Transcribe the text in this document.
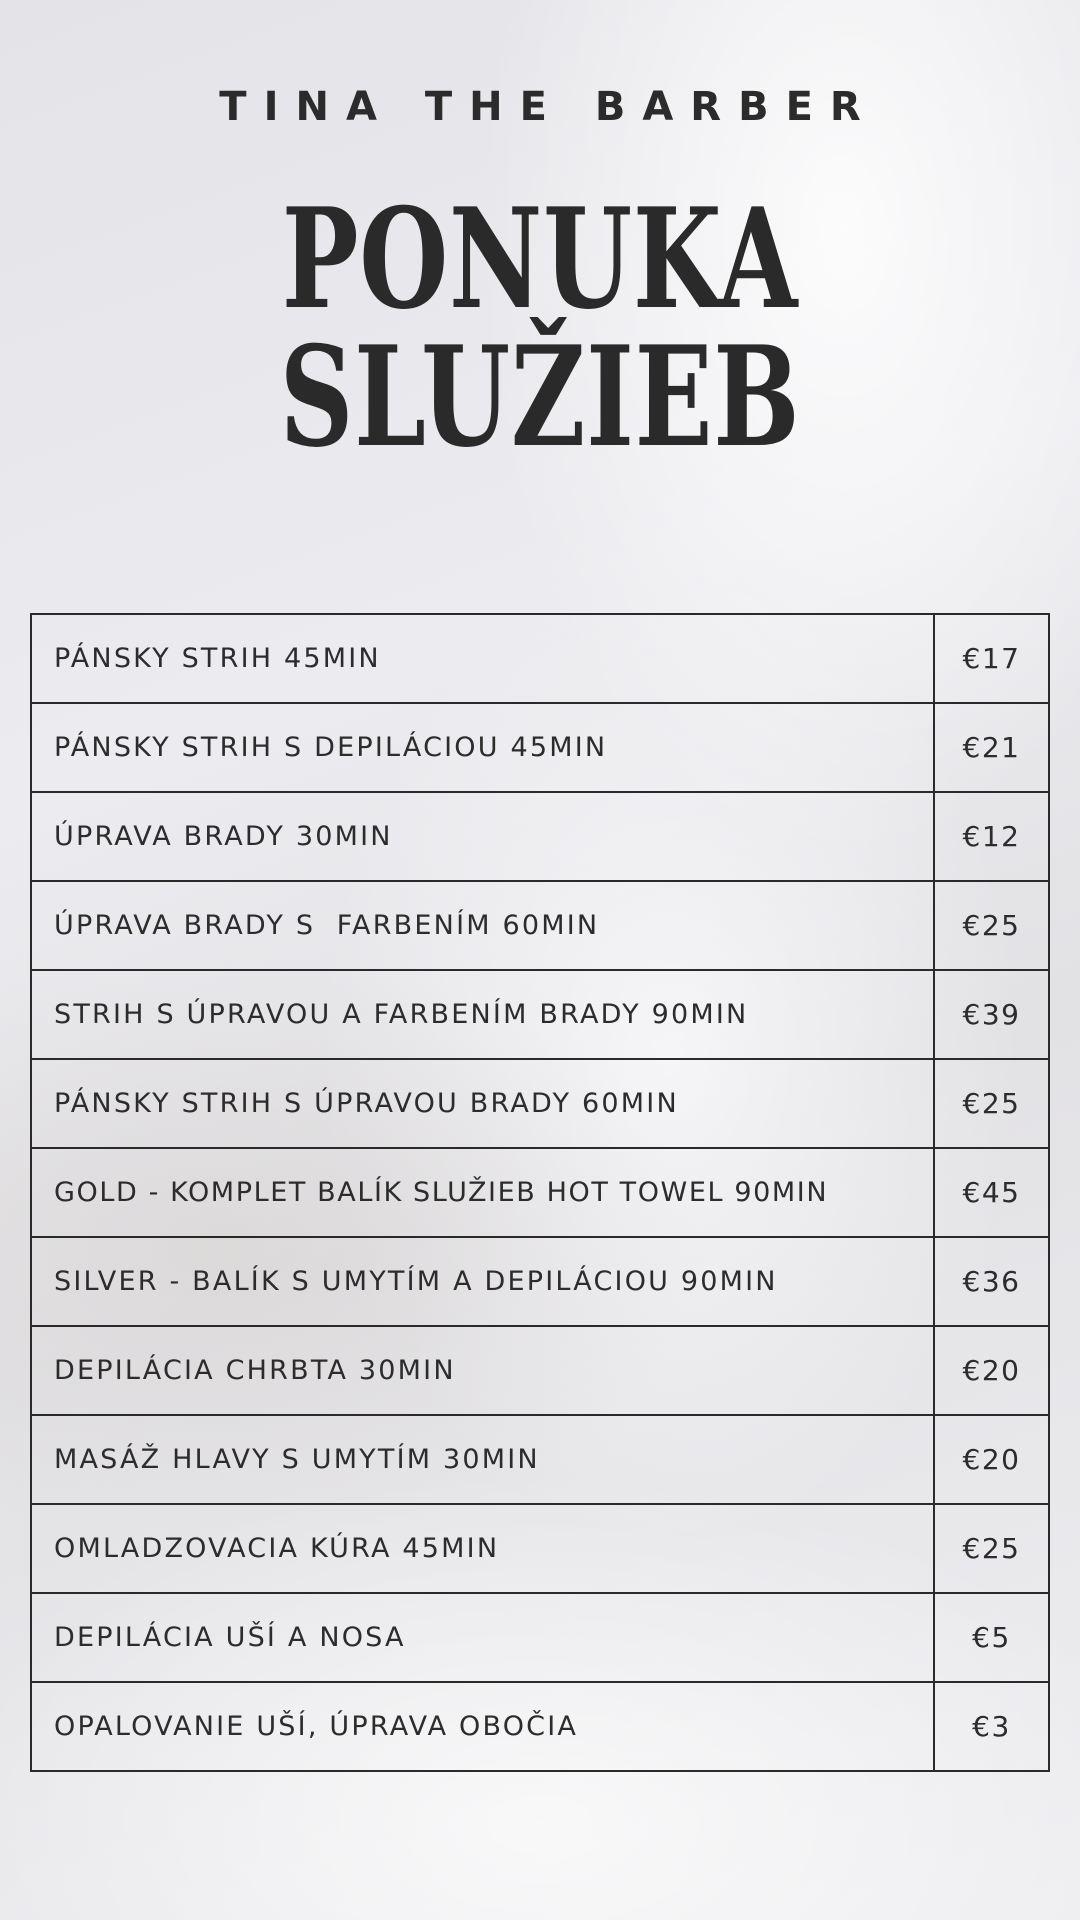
TINA THE BARBER
PONUKA
SLUŽIEB
PÁNSKY STRIH 45MIN	€17
PÁNSKY STRIH S DEPILÁCIOU 45MIN	€21
ÚPRAVA BRADY 30MIN	€12
ÚPRAVA BRADY S  FARBENÍM 60MIN	€25
STRIH S ÚPRAVOU A FARBENÍM BRADY 90MIN	€39
PÁNSKY STRIH S ÚPRAVOU BRADY 60MIN	€25
GOLD - KOMPLET BALÍK SLUŽIEB HOT TOWEL 90MIN	€45
SILVER - BALÍK S UMYTÍM A DEPILÁCIOU 90MIN	€36
DEPILÁCIA CHRBTA 30MIN	€20
MASÁŽ HLAVY S UMYTÍM 30MIN	€20
OMLADZOVACIA KÚRA 45MIN	€25
DEPILÁCIA UŠÍ A NOSA	€5
OPALOVANIE UŠÍ, ÚPRAVA OBOČIA	€3
